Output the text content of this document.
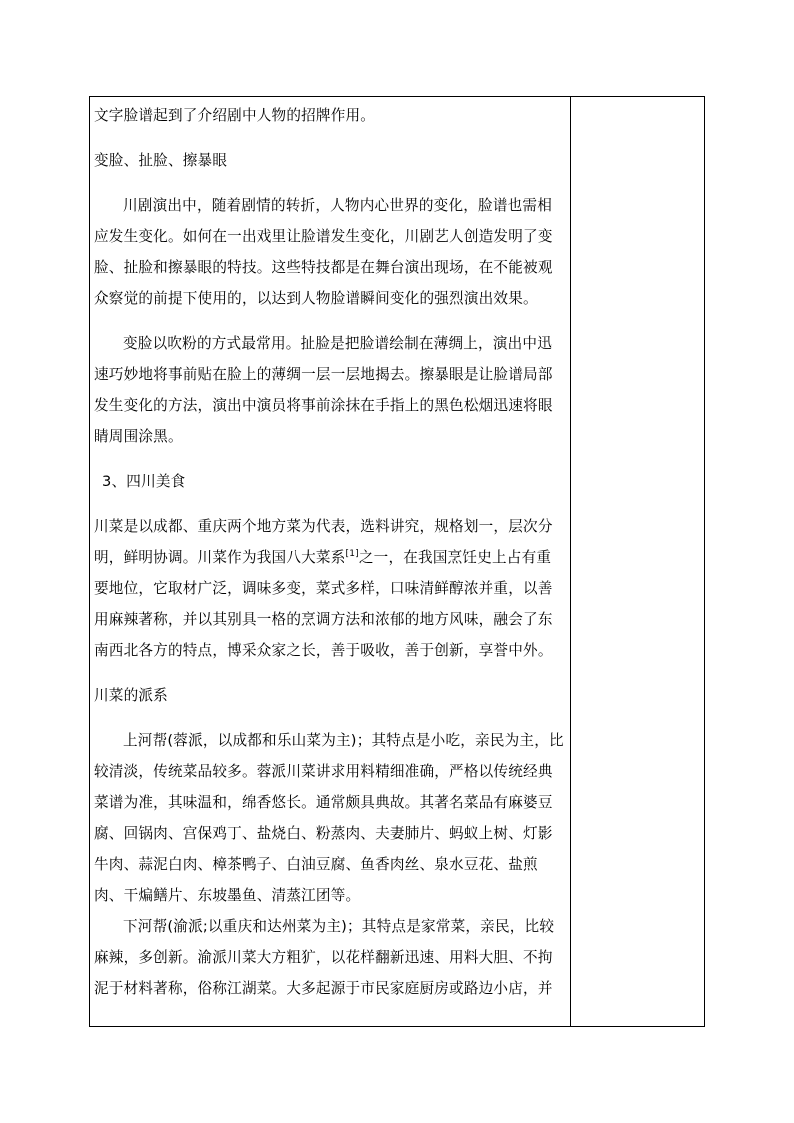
文字脸谱起到了介绍剧中人物的招牌作用。

变脸、扯脸、擦暴眼

川剧演出中，随着剧情的转折，人物内心世界的变化，脸谱也需相应发生变化。如何在一出戏里让脸谱发生变化，川剧艺人创造发明了变脸、扯脸和擦暴眼的特技。这些特技都是在舞台演出现场，在不能被观众察觉的前提下使用的，以达到人物脸谱瞬间变化的强烈演出效果。

变脸以吹粉的方式最常用。扯脸是把脸谱绘制在薄绸上，演出中迅速巧妙地将事前贴在脸上的薄绸一层一层地揭去。擦暴眼是让脸谱局部发生变化的方法，演出中演员将事前涂抹在手指上的黑色松烟迅速将眼睛周围涂黑。

3、四川美食

川菜是以成都、重庆两个地方菜为代表，选料讲究，规格划一，层次分明，鲜明协调。川菜作为我国八大菜系[1]之一，在我国烹饪史上占有重要地位，它取材广泛，调味多变，菜式多样，口味清鲜醇浓并重，以善用麻辣著称，并以其别具一格的烹调方法和浓郁的地方风味，融会了东南西北各方的特点，博采众家之长，善于吸收，善于创新，享誉中外。

川菜的派系

上河帮(蓉派，以成都和乐山菜为主)；其特点是小吃，亲民为主，比较清淡，传统菜品较多。蓉派川菜讲求用料精细准确，严格以传统经典菜谱为准，其味温和，绵香悠长。通常颇具典故。其著名菜品有麻婆豆腐、回锅肉、宫保鸡丁、盐烧白、粉蒸肉、夫妻肺片、蚂蚁上树、灯影牛肉、蒜泥白肉、樟茶鸭子、白油豆腐、鱼香肉丝、泉水豆花、盐煎肉、干煸鳝片、东坡墨鱼、清蒸江团等。

下河帮(渝派;以重庆和达州菜为主)；其特点是家常菜，亲民，比较麻辣，多创新。渝派川菜大方粗犷，以花样翻新迅速、用料大胆、不拘泥于材料著称，俗称江湖菜。大多起源于市民家庭厨房或路边小店，并
